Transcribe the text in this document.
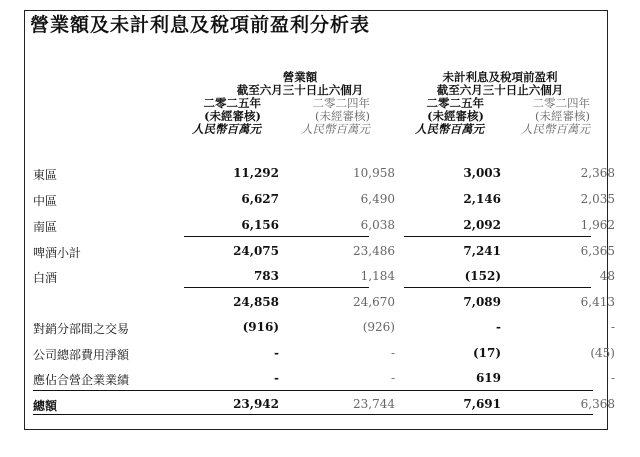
營業額及未計利息及稅項前盈利分析表
營業額
截至六月三十日止六個月
二零二五年	二零二四年
(未經審核)	(未經審核)
人民幣百萬元	人民幣百萬元
未計利息及稅項前盈利
截至六月三十日止六個月
二零二五年	二零二四年
(未經審核)	(未經審核)
人民幣百萬元	人民幣百萬元
東區	11,292	10,958	3,003	2,368
中區	6,627	6,490	2,146	2,035
南區	6,156	6,038	2,092	1,962
啤酒小計	24,075	23,486	7,241	6,365
白酒	783	1,184	(152)	48
24,858	24,670	7,089	6,413
對銷分部間之交易	(916)	(926)	-	-
公司總部費用淨額	-	-	(17)	(45)
應佔合營企業業績	-	-	619	-
總額	23,942	23,744	7,691	6,368
